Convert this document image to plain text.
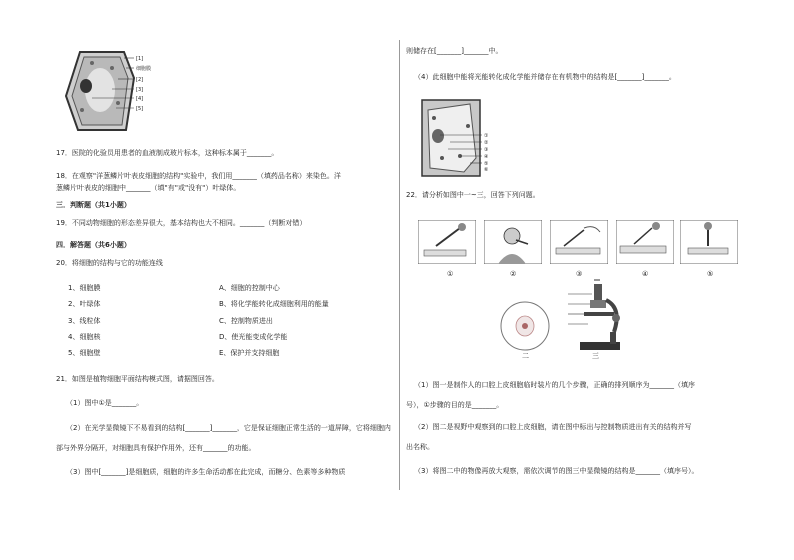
[1]
细胞膜
[2]
[3]
[4]
[5]
17．医院的化验员用患者的血液制成玻片标本，这种标本属于_______。
18．在观察"洋葱鳞片叶表皮细胞的结构"实验中，我们用_______（填药品名称）来染色。洋
葱鳞片叶表皮的细胞中_______（填"有"或"没有"）叶绿体。
三．判断题（共1小题）
19．不同动物细胞的形态差异很大，基本结构也大不相同。_______（判断对错）
四．解答题（共6小题）
20．将细胞的结构与它的功能连线
1、细胞膜
2、叶绿体
3、线粒体
4、细胞核
5、细胞壁
A、细胞的控制中心
B、将化学能转化成细胞利用的能量
C、控制物质进出
D、使光能变成化学能
E、保护并支持细胞
21．如图是植物细胞平面结构模式图，请据图回答。
（1）图中①是_______。
（2）在光学显微镜下不易看到的结构[_______]_______，它是保证细胞正常生活的一道屏障，它将细胞内
部与外界分隔开，对细胞具有保护作用外，还有_______的功能。
（3）图中[_______]是细胞质，细胞的许多生命活动都在此完成，而糖分、色素等多种物质
则储存在[_______]_______中。
（4）此细胞中能将光能转化成化学能并储存在有机物中的结构是[_______]_______。
①
②
③
④
⑤
⑥
22．请分析如图中一~三，回答下列问题。
①	②	③	④	⑤
二	三
（1）图一是制作人的口腔上皮细胞临时装片的几个步骤，正确的排列顺序为_______（填序
号），①步骤的目的是_______。
（2）图二是视野中观察到的口腔上皮细胞，请在图中标出与控制物质进出有关的结构并写
出名称。
（3）将图二中的物像再放大观察，需依次调节的图三中显微镜的结构是_______（填序号）。
